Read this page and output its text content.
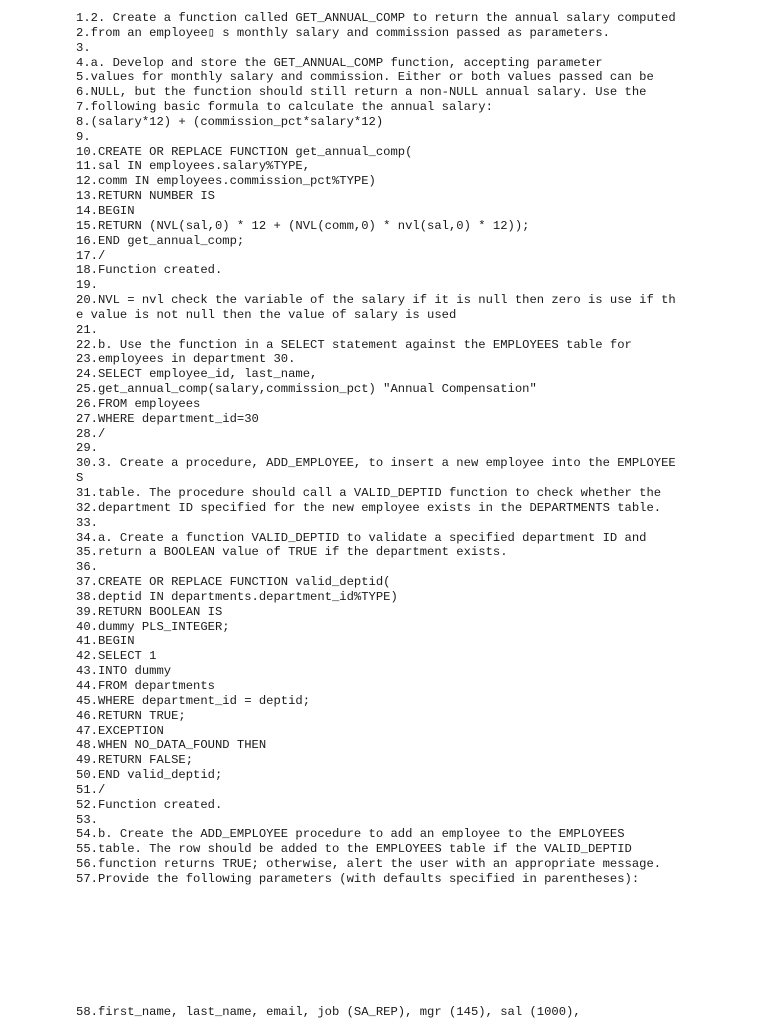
1.2. Create a function called GET_ANNUAL_COMP to return the annual salary computed
2.from an employee▯ s monthly salary and commission passed as parameters.
3.
4.a. Develop and store the GET_ANNUAL_COMP function, accepting parameter
5.values for monthly salary and commission. Either or both values passed can be
6.NULL, but the function should still return a non-NULL annual salary. Use the
7.following basic formula to calculate the annual salary:
8.(salary*12) + (commission_pct*salary*12)
9.
10.CREATE OR REPLACE FUNCTION get_annual_comp(
11.sal IN employees.salary%TYPE,
12.comm IN employees.commission_pct%TYPE)
13.RETURN NUMBER IS
14.BEGIN
15.RETURN (NVL(sal,0) * 12 + (NVL(comm,0) * nvl(sal,0) * 12));
16.END get_annual_comp;
17./
18.Function created.
19.
20.NVL = nvl check the variable of the salary if it is null then zero is use if the value is not null then the value of salary is used
21.
22.b. Use the function in a SELECT statement against the EMPLOYEES table for
23.employees in department 30.
24.SELECT employee_id, last_name,
25.get_annual_comp(salary,commission_pct) "Annual Compensation"
26.FROM employees
27.WHERE department_id=30
28./
29.
30.3. Create a procedure, ADD_EMPLOYEE, to insert a new employee into the EMPLOYEES
31.table. The procedure should call a VALID_DEPTID function to check whether the
32.department ID specified for the new employee exists in the DEPARTMENTS table.
33.
34.a. Create a function VALID_DEPTID to validate a specified department ID and
35.return a BOOLEAN value of TRUE if the department exists.
36.
37.CREATE OR REPLACE FUNCTION valid_deptid(
38.deptid IN departments.department_id%TYPE)
39.RETURN BOOLEAN IS
40.dummy PLS_INTEGER;
41.BEGIN
42.SELECT 1
43.INTO dummy
44.FROM departments
45.WHERE department_id = deptid;
46.RETURN TRUE;
47.EXCEPTION
48.WHEN NO_DATA_FOUND THEN
49.RETURN FALSE;
50.END valid_deptid;
51./
52.Function created.
53.
54.b. Create the ADD_EMPLOYEE procedure to add an employee to the EMPLOYEES
55.table. The row should be added to the EMPLOYEES table if the VALID_DEPTID
56.function returns TRUE; otherwise, alert the user with an appropriate message.
57.Provide the following parameters (with defaults specified in parentheses):
58.first_name, last_name, email, job (SA_REP), mgr (145), sal (1000),
